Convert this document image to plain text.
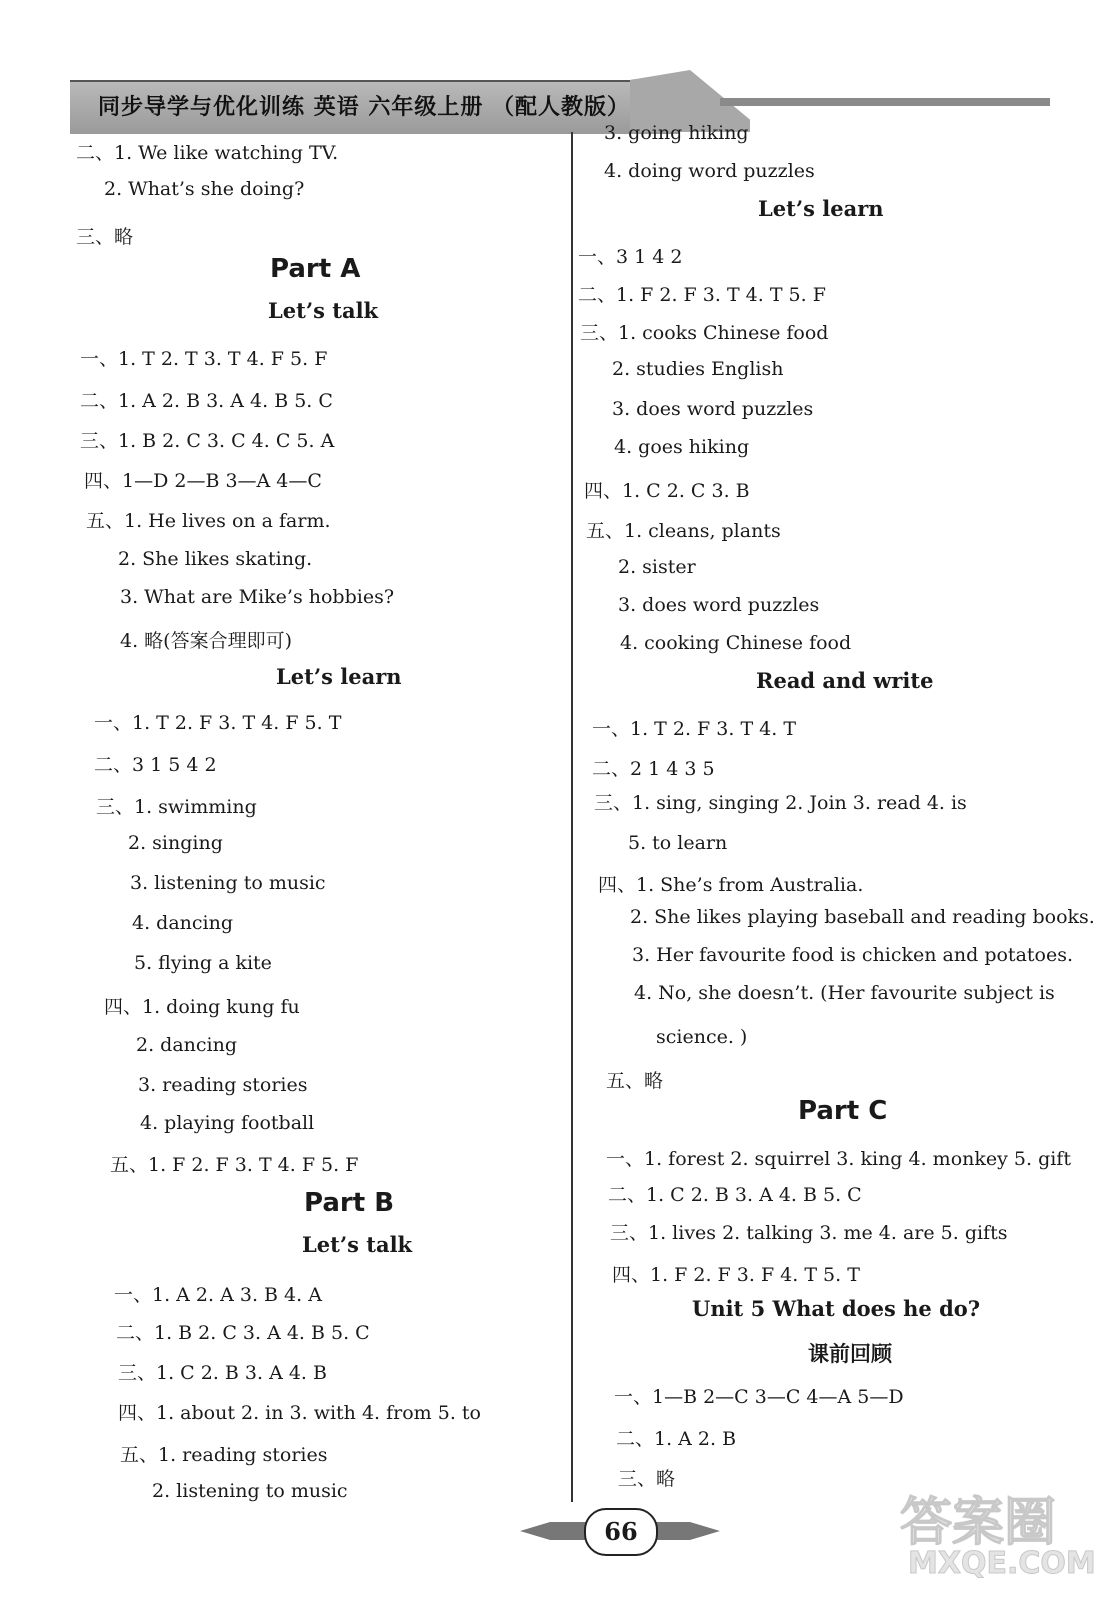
同步导学与优化训练 英语 六年级上册 （配人教版）
二、1. We like watching TV.
2. What’s she doing?
三、略
Part A
Let’s talk
一、1. T 2. T 3. T 4. F 5. F
二、1. A 2. B 3. A 4. B 5. C
三、1. B 2. C 3. C 4. C 5. A
四、1—D 2—B 3—A 4—C
五、1. He lives on a farm.
2. She likes skating.
3. What are Mike’s hobbies?
4. 略(答案合理即可)
Let’s learn
一、1. T 2. F 3. T 4. F 5. T
二、3 1 5 4 2
三、1. swimming
2. singing
3. listening to music
4. dancing
5. flying a kite
四、1. doing kung fu
2. dancing
3. reading stories
4. playing football
五、1. F 2. F 3. T 4. F 5. F
Part B
Let’s talk
一、1. A 2. A 3. B 4. A
二、1. B 2. C 3. A 4. B 5. C
三、1. C 2. B 3. A 4. B
四、1. about 2. in 3. with 4. from 5. to
五、1. reading stories
2. listening to music
3. going hiking
4. doing word puzzles
Let’s learn
一、3 1 4 2
二、1. F 2. F 3. T 4. T 5. F
三、1. cooks Chinese food
2. studies English
3. does word puzzles
4. goes hiking
四、1. C 2. C 3. B
五、1. cleans, plants
2. sister
3. does word puzzles
4. cooking Chinese food
Read and write
一、1. T 2. F 3. T 4. T
二、2 1 4 3 5
三、1. sing, singing 2. Join 3. read 4. is
5. to learn
四、1. She’s from Australia.
2. She likes playing baseball and reading books.
3. Her favourite food is chicken and potatoes.
4. No, she doesn’t. (Her favourite subject is
science. )
五、略
Part C
一、1. forest 2. squirrel 3. king 4. monkey 5. gift
二、1. C 2. B 3. A 4. B 5. C
三、1. lives 2. talking 3. me 4. are 5. gifts
四、1. F 2. F 3. F 4. T 5. T
Unit 5 What does he do?
课前回顾
一、1—B 2—C 3—C 4—A 5—D
二、1. A 2. B
三、略
66	答案圈
MXQE.COM
